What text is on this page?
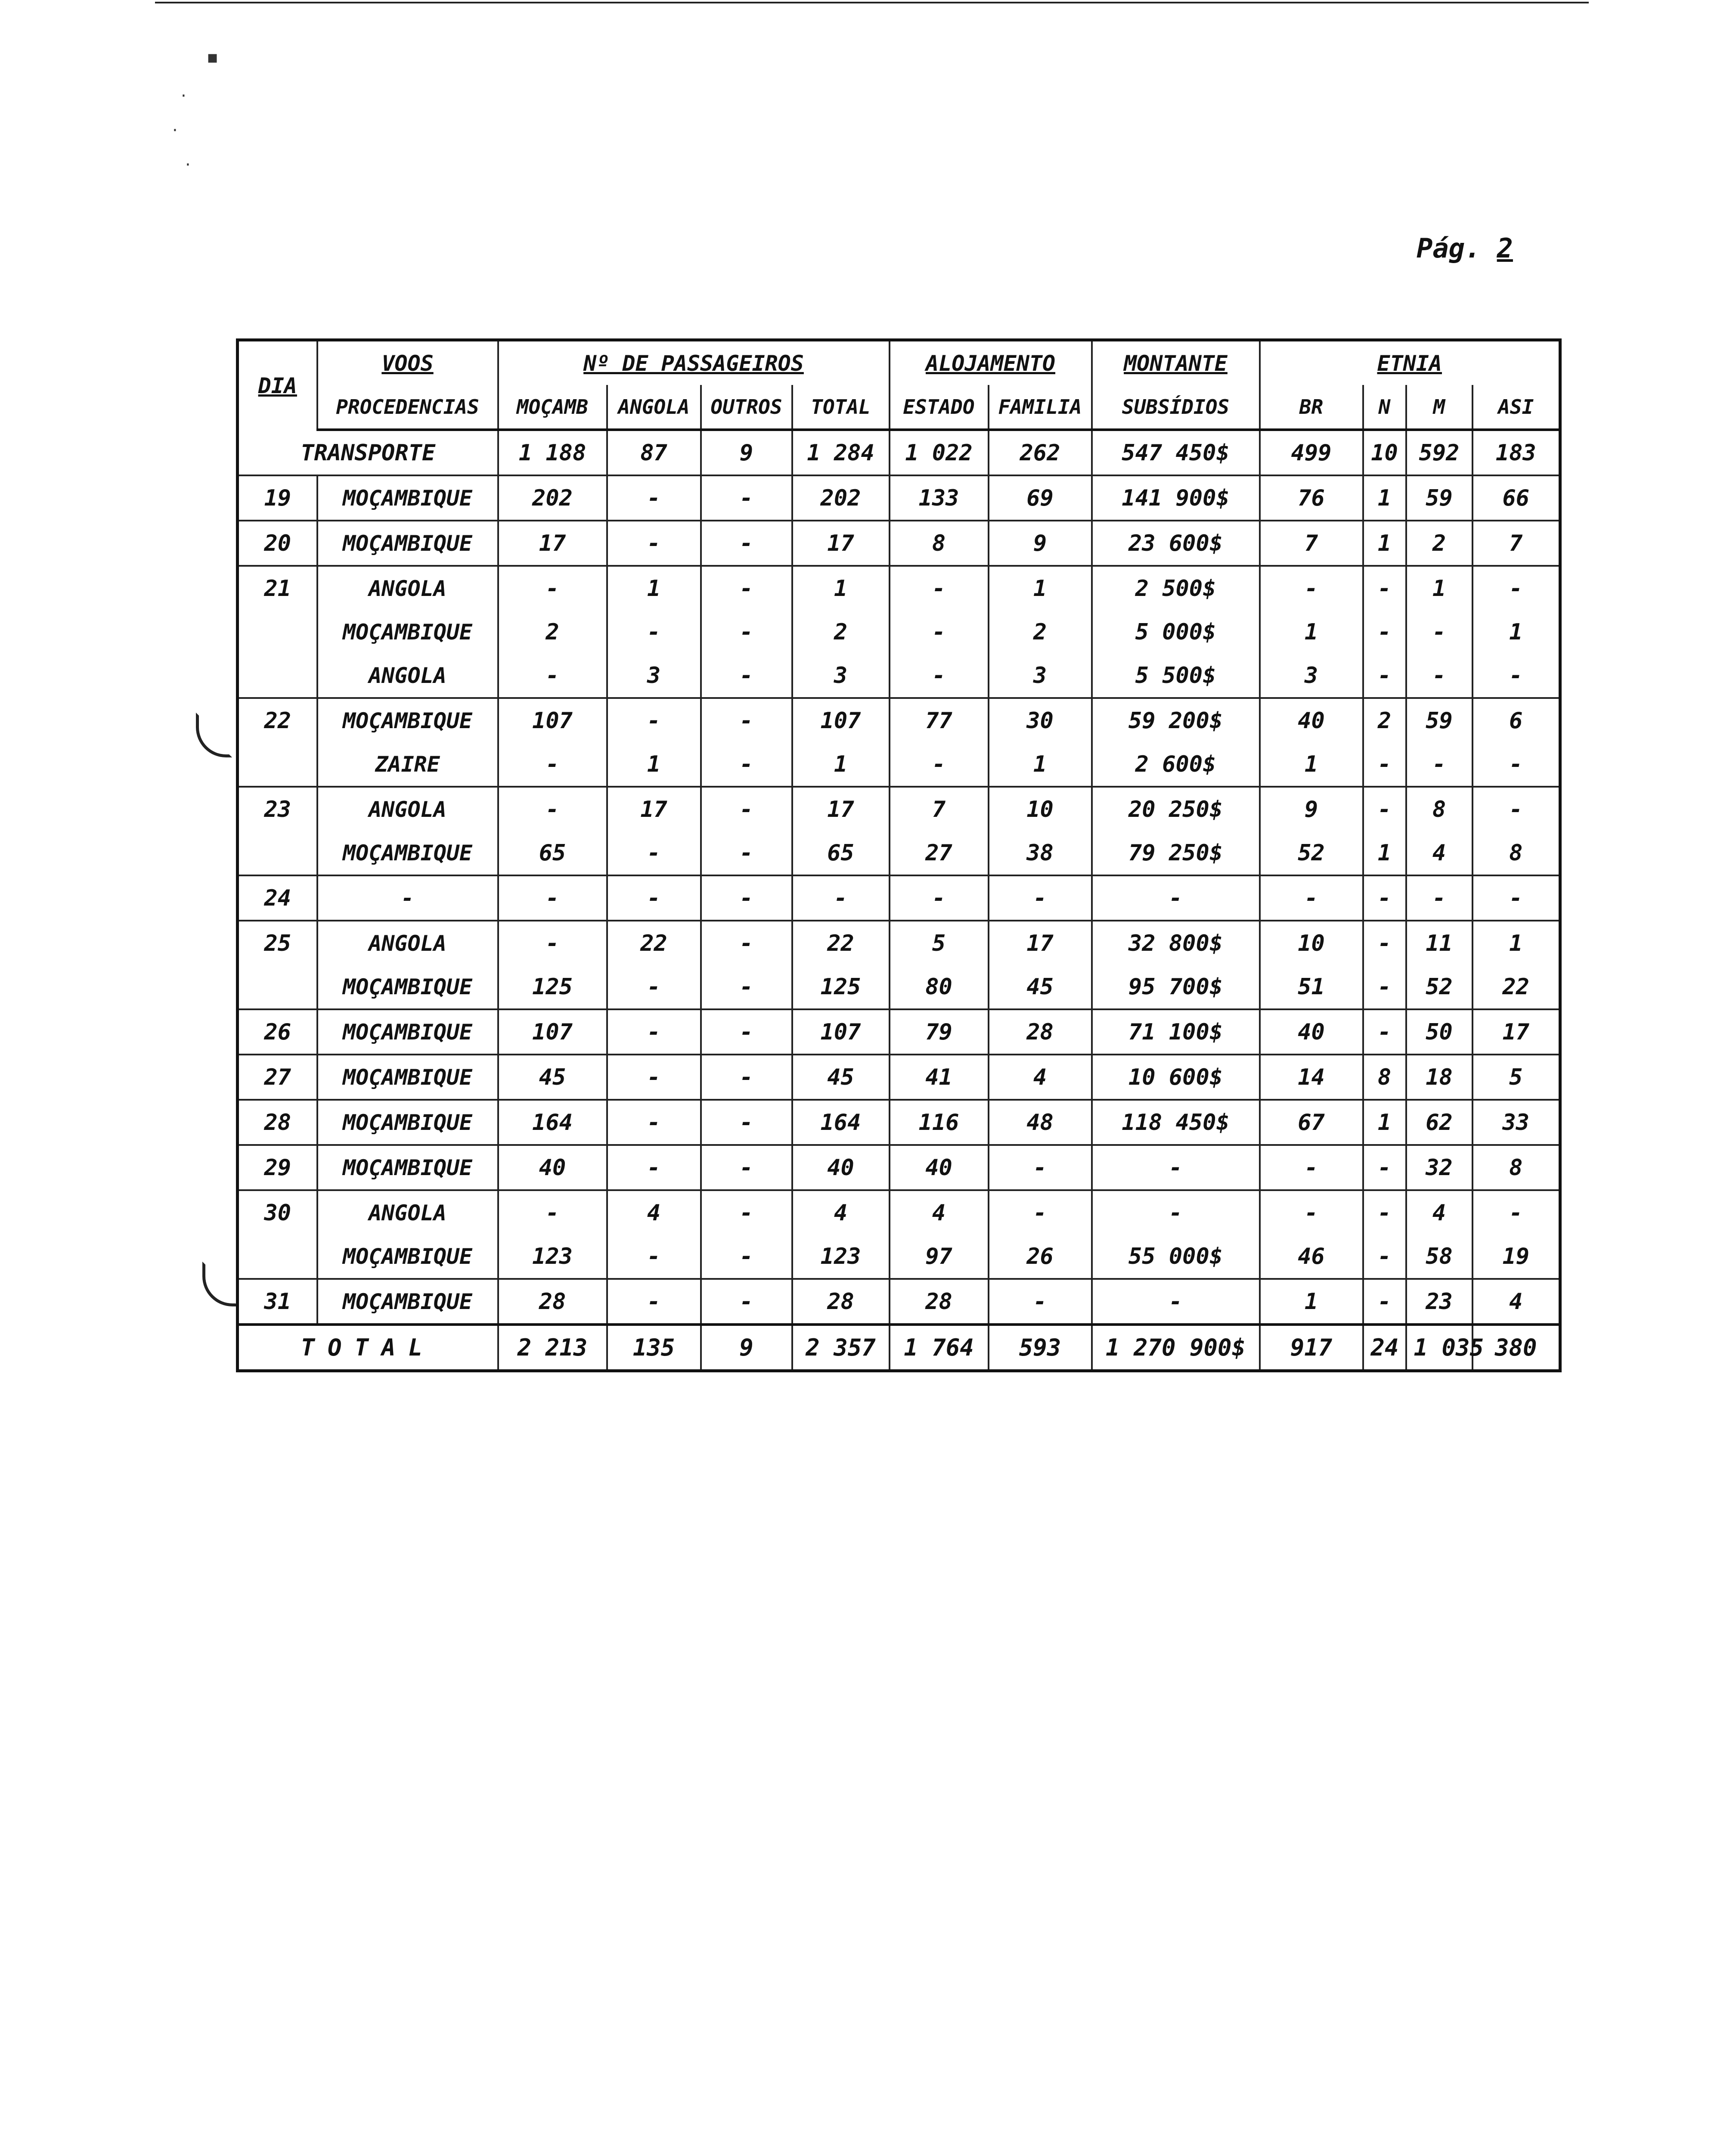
▪
·
·
·
Pág. 2
DIA	VOOS	Nº DE PASSAGEIROS				ALOJAMENTO		MONTANTE	ETNIA			
	PROCEDENCIAS	MOÇAMB	ANGOLA	OUTROS	TOTAL	ESTADO	FAMILIA	SUBSÍDIOS	BR	N	M	ASI
TRANSPORTE		1 188	87	9	1 284	1 022	262	547 450$	499	10	592	183
19	MOÇAMBIQUE	202	-	-	202	133	69	141 900$	76	1	59	66
20	MOÇAMBIQUE	17	-	-	17	8	9	23 600$	7	1	2	7
21	ANGOLA	-	1	-	1	-	1	2 500$	-	-	1	-
	MOÇAMBIQUE	2	-	-	2	-	2	5 000$	1	-	-	1
	ANGOLA	-	3	-	3	-	3	5 500$	3	-	-	-
22	MOÇAMBIQUE	107	-	-	107	77	30	59 200$	40	2	59	6
	ZAIRE	-	1	-	1	-	1	2 600$	1	-	-	-
23	ANGOLA	-	17	-	17	7	10	20 250$	9	-	8	-
	MOÇAMBIQUE	65	-	-	65	27	38	79 250$	52	1	4	8
24	-	-	-	-	-	-	-	-	-	-	-	-
25	ANGOLA	-	22	-	22	5	17	32 800$	10	-	11	1
	MOÇAMBIQUE	125	-	-	125	80	45	95 700$	51	-	52	22
26	MOÇAMBIQUE	107	-	-	107	79	28	71 100$	40	-	50	17
27	MOÇAMBIQUE	45	-	-	45	41	4	10 600$	14	8	18	5
28	MOÇAMBIQUE	164	-	-	164	116	48	118 450$	67	1	62	33
29	MOÇAMBIQUE	40	-	-	40	40	-	-	-	-	32	8
30	ANGOLA	-	4	-	4	4	-	-	-	-	4	-
	MOÇAMBIQUE	123	-	-	123	97	26	55 000$	46	-	58	19
31	MOÇAMBIQUE	28	-	-	28	28	-	-	1	-	23	4
TOTAL		2 213	135	9	2 357	1 764	593	1 270 900$	917	24	1 035	380
